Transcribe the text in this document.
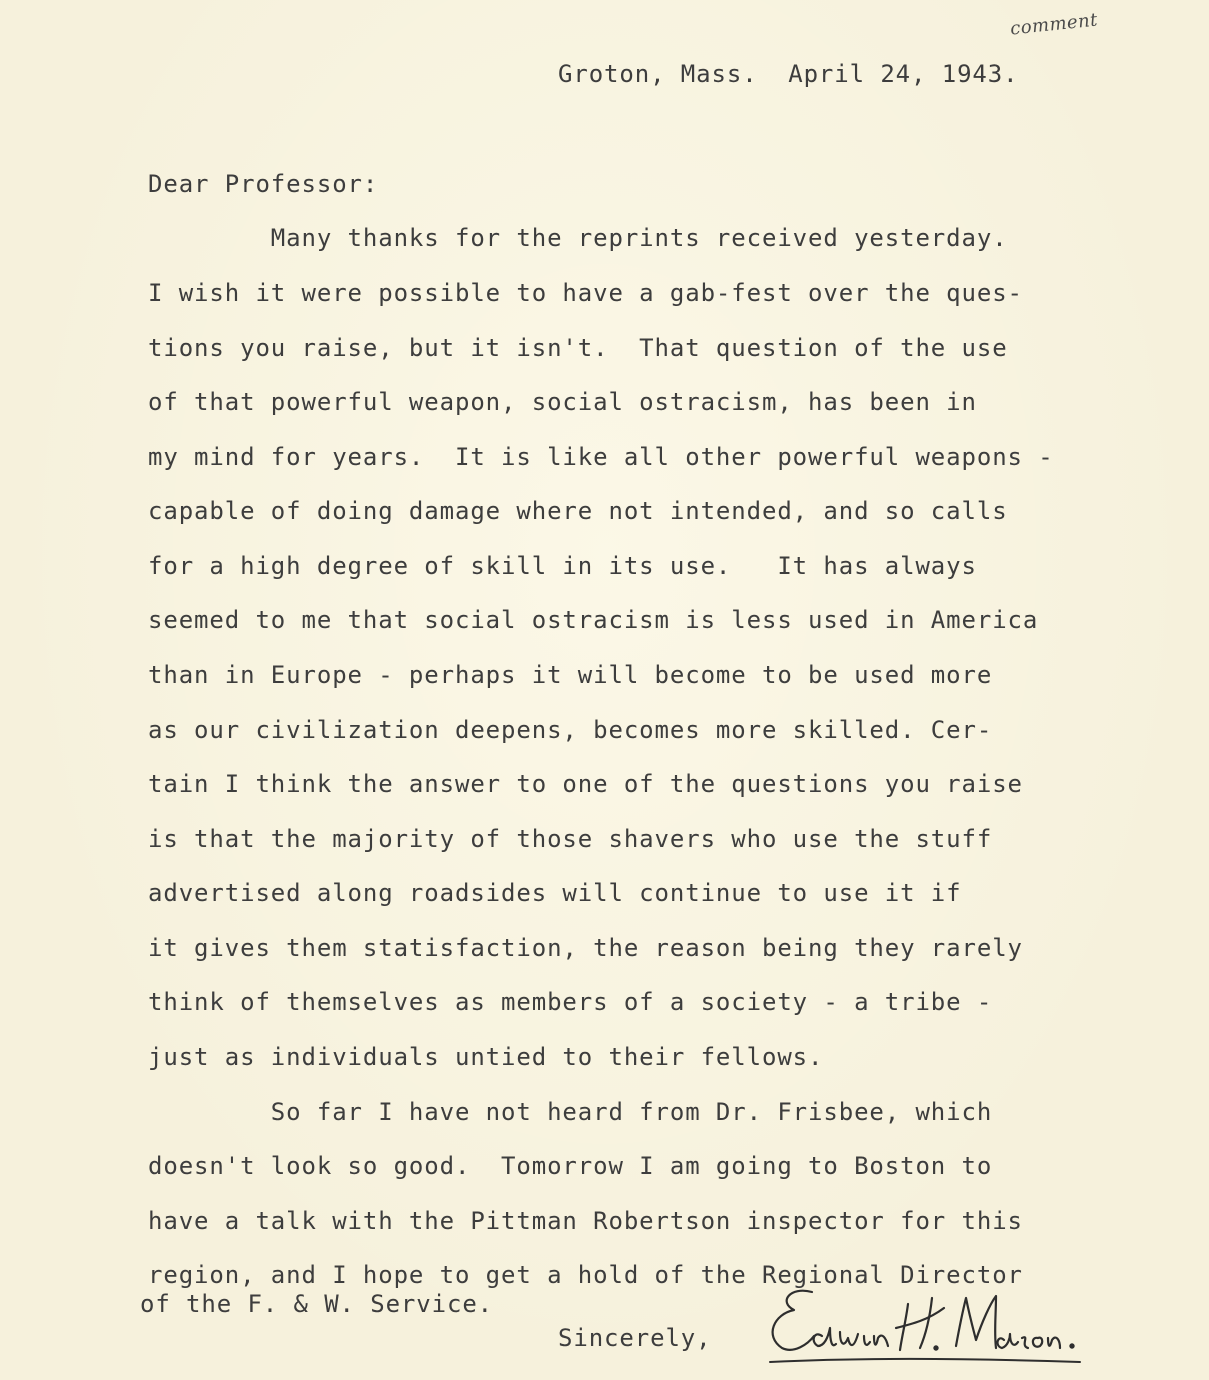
comment
Groton, Mass.  April 24, 1943.
Dear Professor:
Many thanks for the reprints received yesterday.
I wish it were possible to have a gab-fest over the ques-
tions you raise, but it isn't.  That question of the use
of that powerful weapon, social ostracism, has been in
my mind for years.  It is like all other powerful weapons -
capable of doing damage where not intended, and so calls
for a high degree of skill in its use.   It has always
seemed to me that social ostracism is less used in America
than in Europe - perhaps it will become to be used more
as our civilization deepens, becomes more skilled. Cer-
tain I think the answer to one of the questions you raise
is that the majority of those shavers who use the stuff
advertised along roadsides will continue to use it if
it gives them statisfaction, the reason being they rarely
think of themselves as members of a society - a tribe -
just as individuals untied to their fellows.
So far I have not heard from Dr. Frisbee, which
doesn't look so good.  Tomorrow I am going to Boston to
have a talk with the Pittman Robertson inspector for this
region, and I hope to get a hold of the Regional Director
of the F. & W. Service.
Sincerely,
